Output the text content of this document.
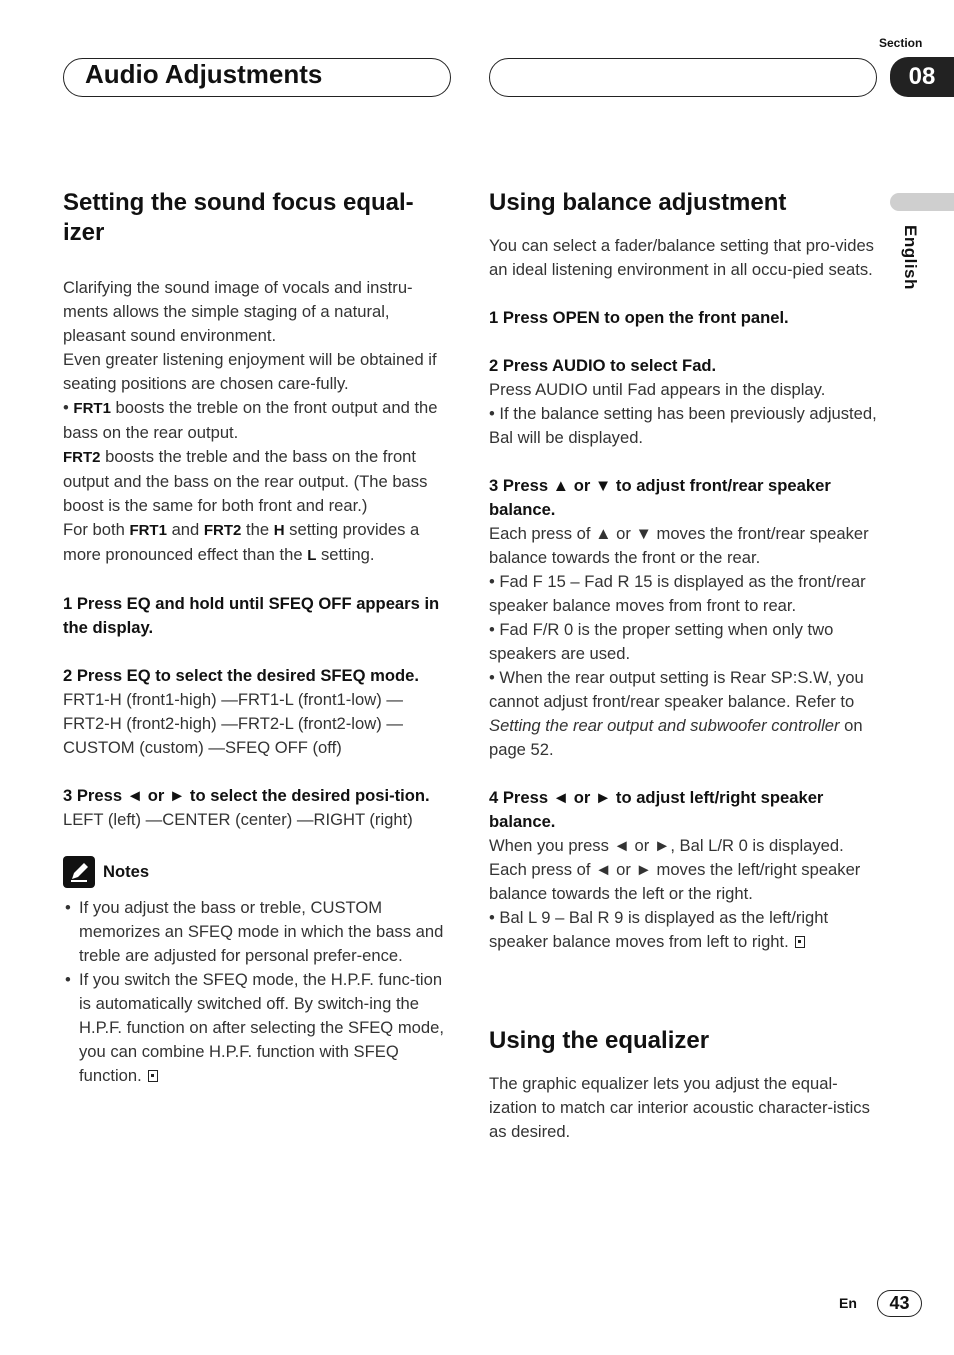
Audio Adjustments
Section
08
English

Setting the sound focus equal-izer

Clarifying the sound image of vocals and instru-ments allows the simple staging of a natural, pleasant sound environment.

Even greater listening enjoyment will be obtained if seating positions are chosen care-fully.

• FRT1 boosts the treble on the front output and the bass on the rear output.

FRT2 boosts the treble and the bass on the front output and the bass on the rear output. (The bass boost is the same for both front and rear.)

For both FRT1 and FRT2 the H setting provides a more pronounced effect than the L setting.

1 Press EQ and hold until SFEQ OFF appears in the display.

2 Press EQ to select the desired SFEQ mode.

FRT1-H (front1-high) —FRT1-L (front1-low) —

FRT2-H (front2-high) —FRT2-L (front2-low) —

CUSTOM (custom) —SFEQ OFF (off)

3 Press ◄ or ► to select the desired posi-tion.

LEFT (left) —CENTER (center) —RIGHT (right)

Notes

• If you adjust the bass or treble, CUSTOM memorizes an SFEQ mode in which the bass and treble are adjusted for personal prefer-ence.

• If you switch the SFEQ mode, the H.P.F. func-tion is automatically switched off. By switch-ing the H.P.F. function on after selecting the SFEQ mode, you can combine H.P.F. function with SFEQ function.

Using balance adjustment

You can select a fader/balance setting that pro-vides an ideal listening environment in all occu-pied seats.

1 Press OPEN to open the front panel.

2 Press AUDIO to select Fad.

Press AUDIO until Fad appears in the display.

• If the balance setting has been previously adjusted, Bal will be displayed.

3 Press ▲ or ▼ to adjust front/rear speaker balance.

Each press of ▲ or ▼ moves the front/rear speaker balance towards the front or the rear.

• Fad F 15 – Fad R 15 is displayed as the front/rear speaker balance moves from front to rear.

• Fad F/R 0 is the proper setting when only two speakers are used.

• When the rear output setting is Rear SP:S.W, you cannot adjust front/rear speaker balance. Refer to Setting the rear output and subwoofer controller on page 52.

4 Press ◄ or ► to adjust left/right speaker balance.

When you press ◄ or ►, Bal L/R 0 is displayed.

Each press of ◄ or ► moves the left/right speaker balance towards the left or the right.

• Bal L 9 – Bal R 9 is displayed as the left/right speaker balance moves from left to right.

Using the equalizer

The graphic equalizer lets you adjust the equal-ization to match car interior acoustic character-istics as desired.

En	43
